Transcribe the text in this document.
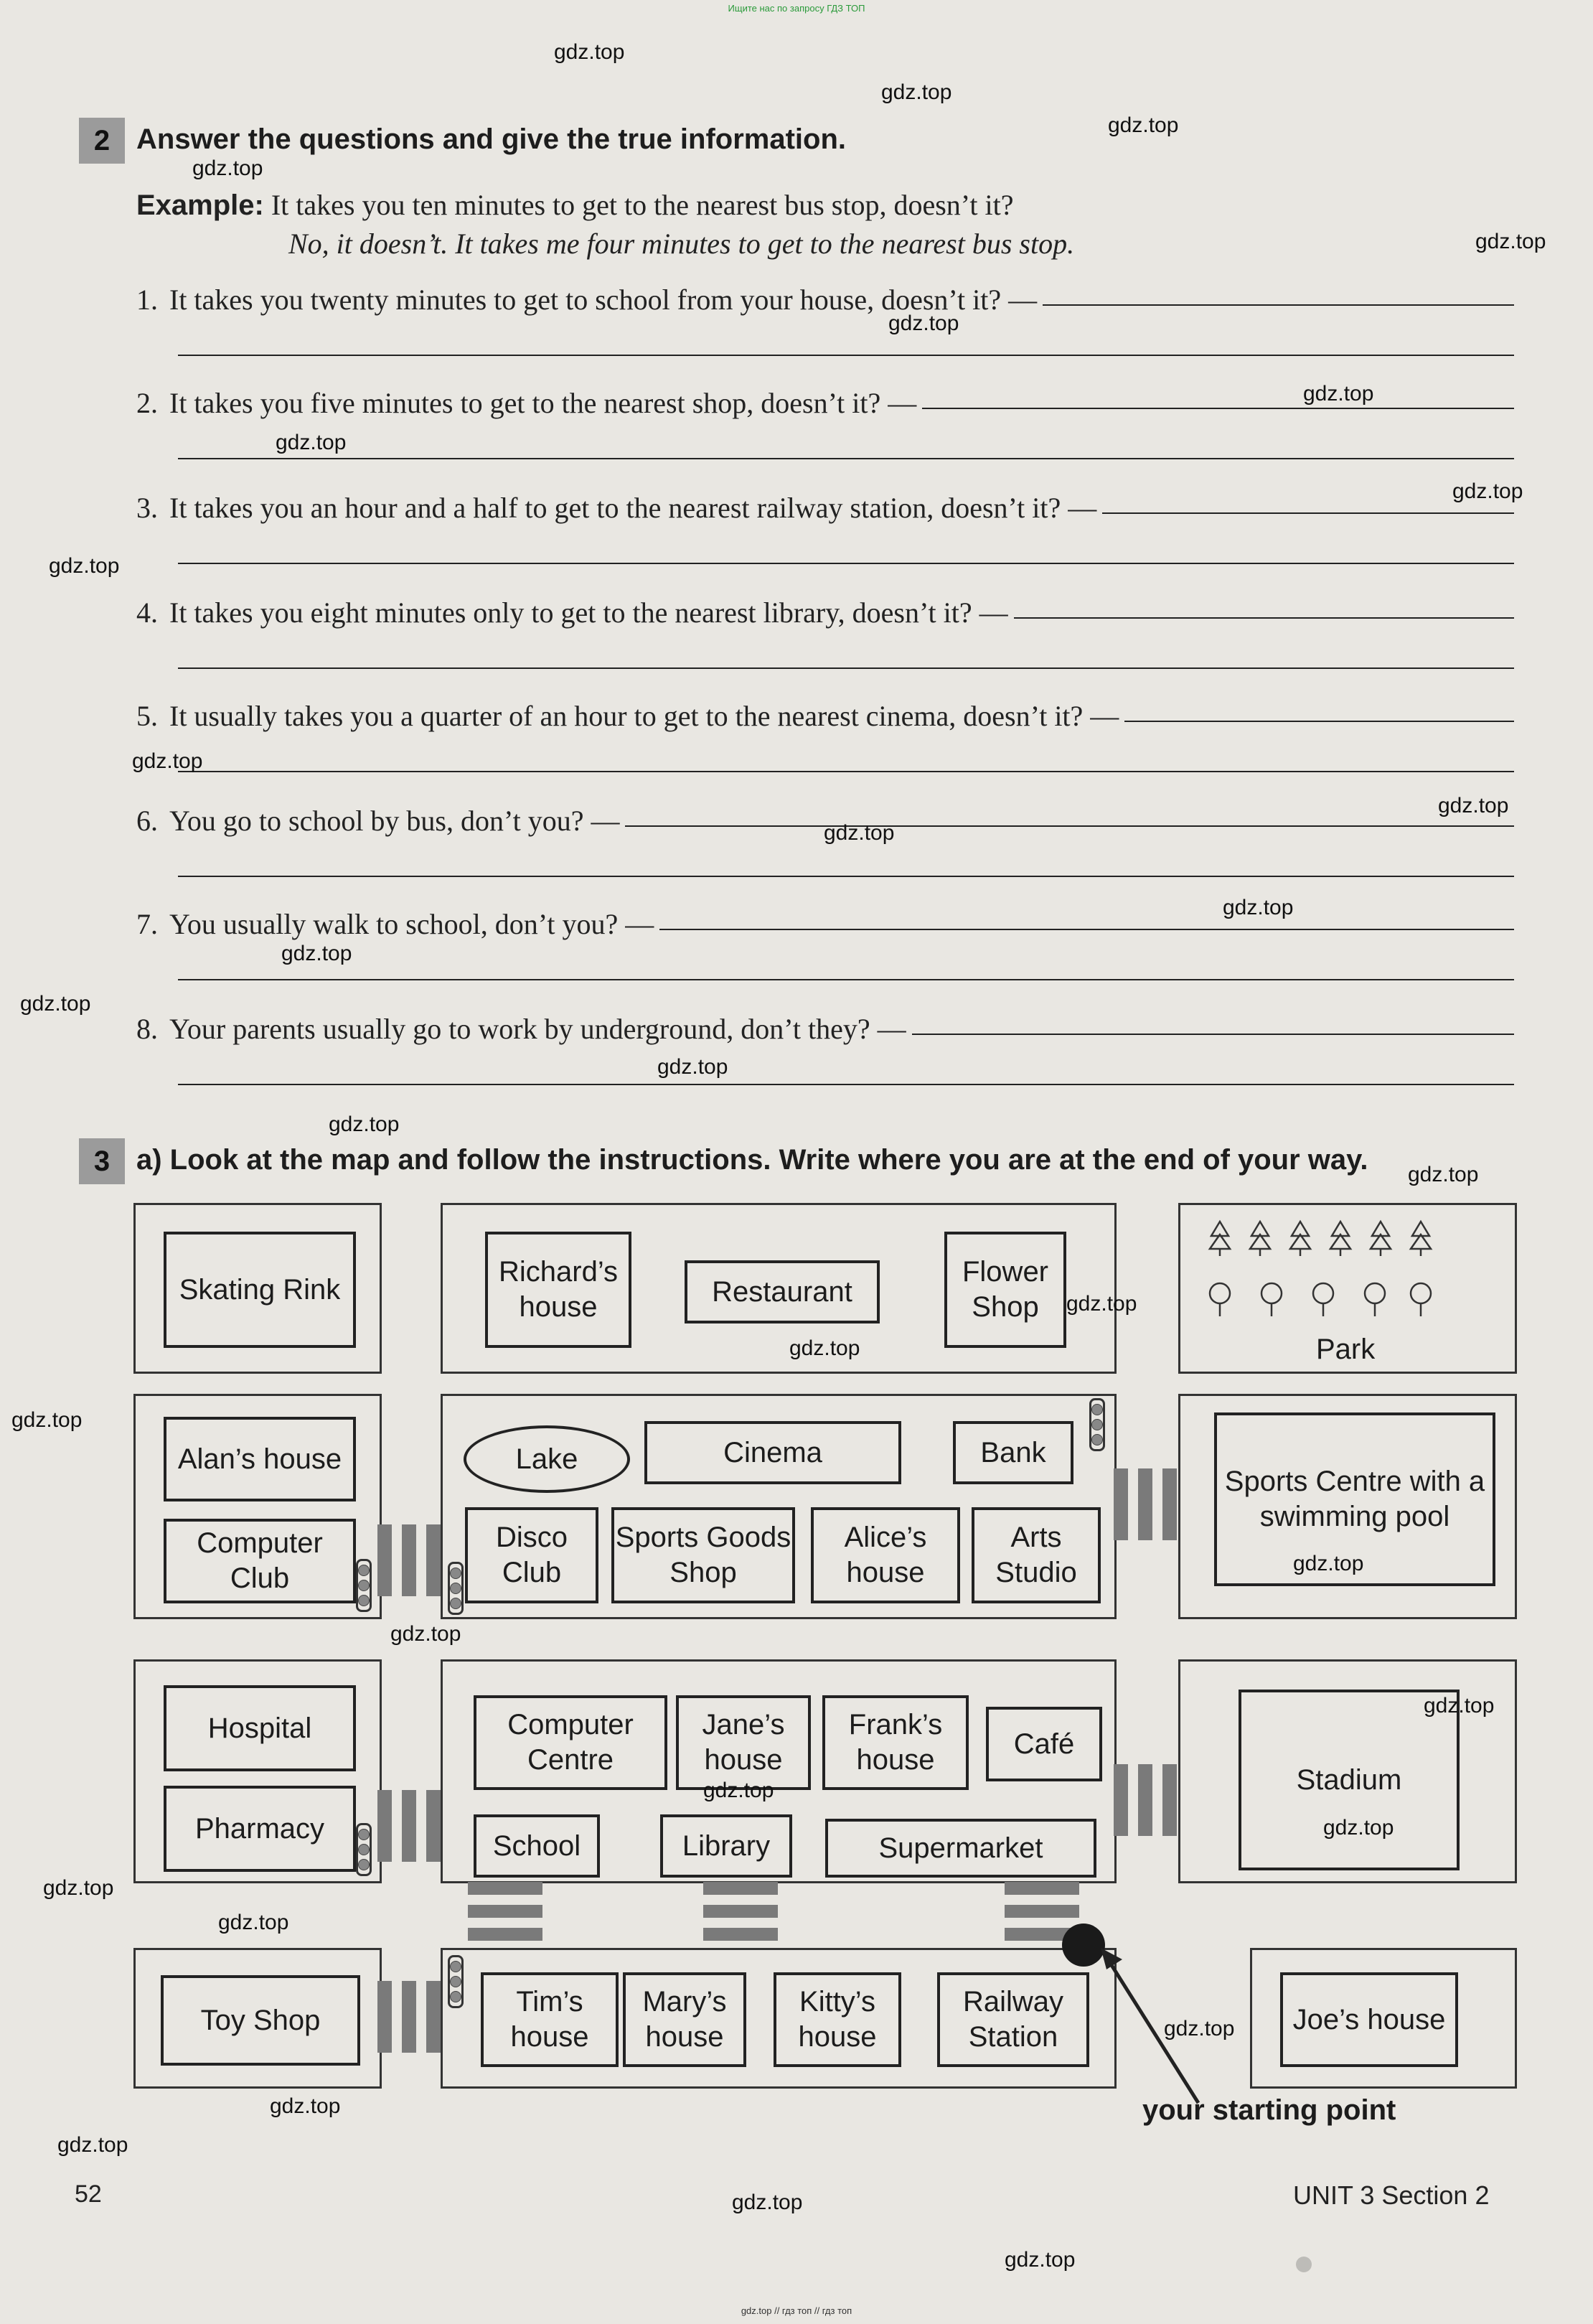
Ищите нас по запросу ГДЗ ТОП
2 Answer the questions and give the true information.
Example: It takes you ten minutes to get to the nearest bus stop, doesn’t it?
No, it doesn’t. It takes me four minutes to get to the nearest bus stop.
1. It takes you twenty minutes to get to school from your house, doesn’t it? —
2. It takes you five minutes to get to the nearest shop, doesn’t it? —
3. It takes you an hour and a half to get to the nearest railway station, doesn’t it? —
4. It takes you eight minutes only to get to the nearest library, doesn’t it? —
5. It usually takes you a quarter of an hour to get to the nearest cinema, doesn’t it? —
6. You go to school by bus, don’t you? —
7. You usually walk to school, don’t you? —
8. Your parents usually go to work by underground, don’t they? —
3 a) Look at the map and follow the instructions. Write where you are at the end of your way.
Skating Rink
Richard’s house	Restaurant
Flower Shop
Park
Alan’s house
Computer Club
Lake	Cinema	Bank
Disco Club
Sports Goods Shop
Alice’s house
Arts Studio
Sports Centre with a swimming pool
Hospital
Pharmacy
Computer Centre
Jane’s house
Frank’s house
Café
School	Library	Supermarket
Stadium
Toy Shop
Tim’s house
Mary’s house
Kitty’s house
Railway Station
Joe’s house
your starting point
52	UNIT 3 Section 2
gdz.top
gdz.top
gdz.top
gdz.top
gdz.top
gdz.top
gdz.top
gdz.top
gdz.top
gdz.top
gdz.top
gdz.top
gdz.top
gdz.top
gdz.top
gdz.top
gdz.top
gdz.top
gdz.top
gdz.top
gdz.top
gdz.top
gdz.top
gdz.top
gdz.top
gdz.top
gdz.top
gdz.top
gdz.top
gdz.top
gdz.top
gdz.top
gdz.top
gdz.top
gdz.top // гдз топ // гдз топ
